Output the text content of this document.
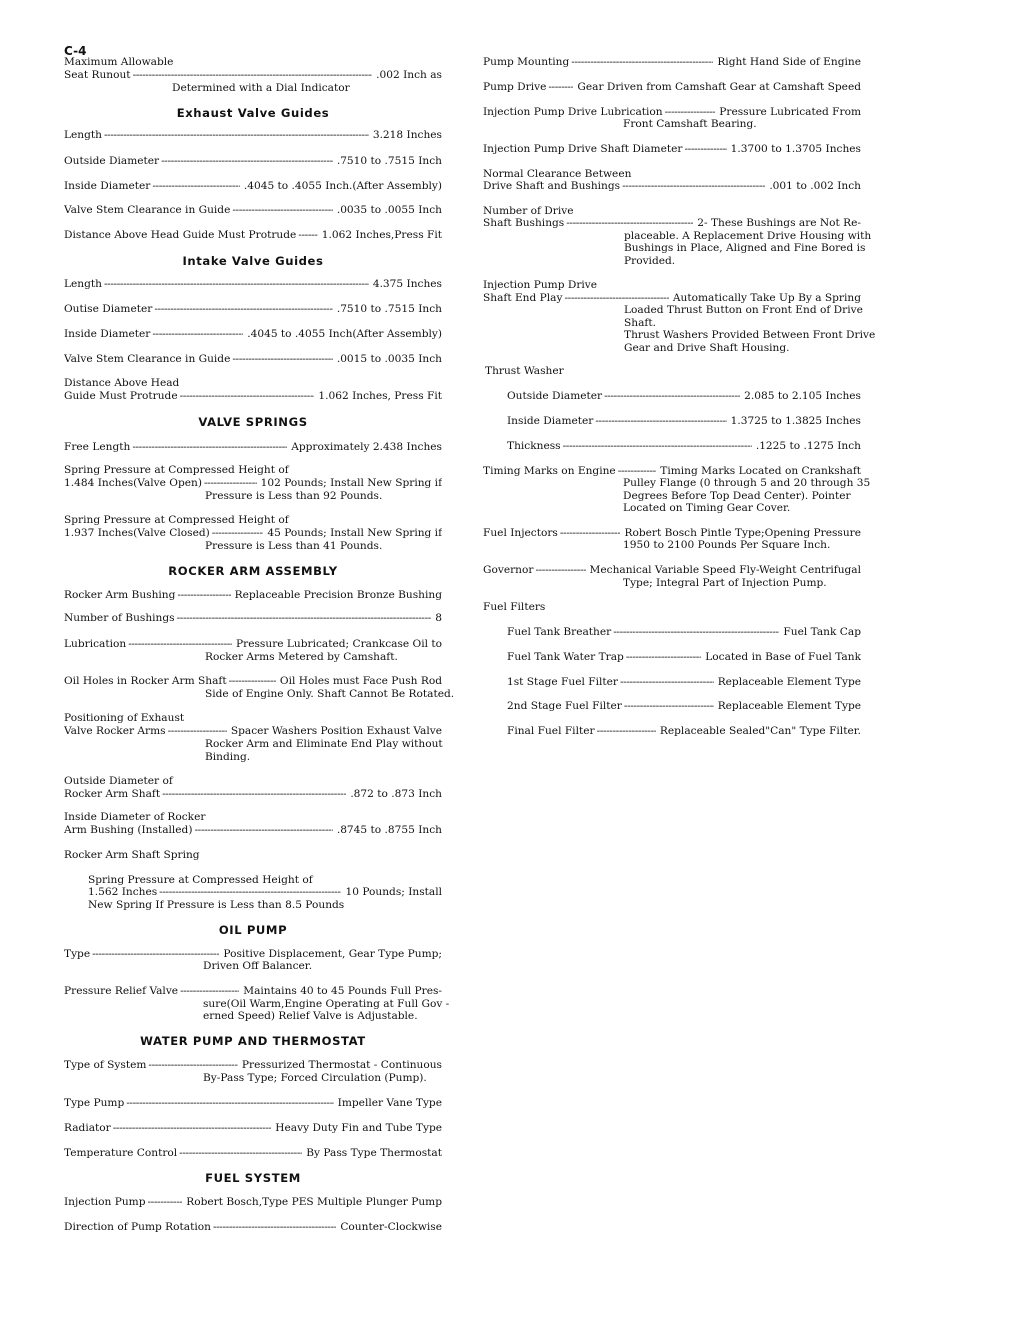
C-4
Maximum Allowable
Seat Runout -----	.002 Inch as
Determined with a Dial Indicator
Exhaust Valve Guides
Length -----	3.218 Inches
Outside Diameter -----	.7510 to .7515 Inch
Inside Diameter -----	.4045 to .4055 Inch.(After Assembly)
Valve Stem Clearance in Guide -----	.0035 to .0055 Inch
Distance Above Head Guide Must Protrude ----- 1.062 Inches,Press Fit
Intake Valve Guides
Length -----	4.375 Inches
Outise Diameter -----	.7510 to .7515 Inch
Inside Diameter -----	.4045 to .4055 Inch(After Assembly)
Valve Stem Clearance in Guide -----	.0015 to .0035 Inch
Distance Above Head
Guide Must Protrude -----	1.062 Inches, Press Fit
VALVE SPRINGS
Free Length -----	Approximately 2.438 Inches
Spring Pressure at Compressed Height of
1.484 Inches(Valve Open) -----	102 Pounds; Install New Spring if
Pressure is Less than 92 Pounds.
Spring Pressure at Compressed Height of
1.937 Inches(Valve Closed) -----	45 Pounds; Install New Spring if
Pressure is Less than 41 Pounds.
ROCKER ARM ASSEMBLY
Rocker Arm Bushing -----	Replaceable Precision Bronze Bushing
Number of Bushings -----	8
Lubrication -----	Pressure Lubricated; Crankcase Oil to
Rocker Arms Metered by Camshaft.
Oil Holes in Rocker Arm Shaft -----	Oil Holes must Face Push Rod
Side of Engine Only. Shaft Cannot Be Rotated.
Positioning of Exhaust
Valve Rocker Arms -----	Spacer Washers Position Exhaust Valve
Rocker Arm and Eliminate End Play without
Binding.
Outside Diameter of
Rocker Arm Shaft -----	.872 to .873 Inch
Inside Diameter of Rocker
Arm Bushing (Installed) -----	.8745 to .8755 Inch
Rocker Arm Shaft Spring
Spring Pressure at Compressed Height of
1.562 Inches -----	10 Pounds; Install
New Spring If Pressure is Less than 8.5 Pounds
OIL PUMP
Type -----	Positive Displacement, Gear Type Pump;
Driven Off Balancer.
Pressure Relief Valve -----	Maintains 40 to 45 Pounds Full Pres-
sure(Oil Warm,Engine Operating at Full Gov -
erned Speed) Relief Valve is Adjustable.
WATER PUMP AND THERMOSTAT
Type of System -----	Pressurized Thermostat - Continuous
By-Pass Type; Forced Circulation (Pump).
Type Pump -----	Impeller Vane Type
Radiator -----	Heavy Duty Fin and Tube Type
Temperature Control -----	By Pass Type Thermostat
FUEL SYSTEM
Injection Pump -----	Robert Bosch,Type PES Multiple Plunger Pump
Direction of Pump Rotation -----	Counter-Clockwise
Pump Mounting -----	Right Hand Side of Engine
Pump Drive -----	Gear Driven from Camshaft Gear at Camshaft Speed
Injection Pump Drive Lubrication -----	Pressure Lubricated From
Front Camshaft Bearing.
Injection Pump Drive Shaft Diameter -----	1.3700 to 1.3705 Inches
Normal Clearance Between
Drive Shaft and Bushings -----	.001 to .002 Inch
Number of Drive
Shaft Bushings -----	2- These Bushings are Not Re-
placeable. A Replacement Drive Housing with
Bushings in Place, Aligned and Fine Bored is
Provided.
Injection Pump Drive
Shaft End Play -----	Automatically Take Up By a Spring
Loaded Thrust Button on Front End of Drive
Shaft.
Thrust Washers Provided Between Front Drive
Gear and Drive Shaft Housing.
Thrust Washer
Outside Diameter -----	2.085 to 2.105 Inches
Inside Diameter -----	1.3725 to 1.3825 Inches
Thickness -----	.1225 to .1275 Inch
Timing Marks on Engine -----	Timing Marks Located on Crankshaft
Pulley Flange (0 through 5 and 20 through 35
Degrees Before Top Dead Center). Pointer
Located on Timing Gear Cover.
Fuel Injectors -----	Robert Bosch Pintle Type;Opening Pressure
1950 to 2100 Pounds Per Square Inch.
Governor -----	Mechanical Variable Speed Fly-Weight Centrifugal
Type; Integral Part of Injection Pump.
Fuel Filters
Fuel Tank Breather -----	Fuel Tank Cap
Fuel Tank Water Trap -----	Located in Base of Fuel Tank
1st Stage Fuel Filter -----	Replaceable Element Type
2nd Stage Fuel Filter -----	Replaceable Element Type
Final Fuel Filter -----	Replaceable Sealed"Can" Type Filter.
